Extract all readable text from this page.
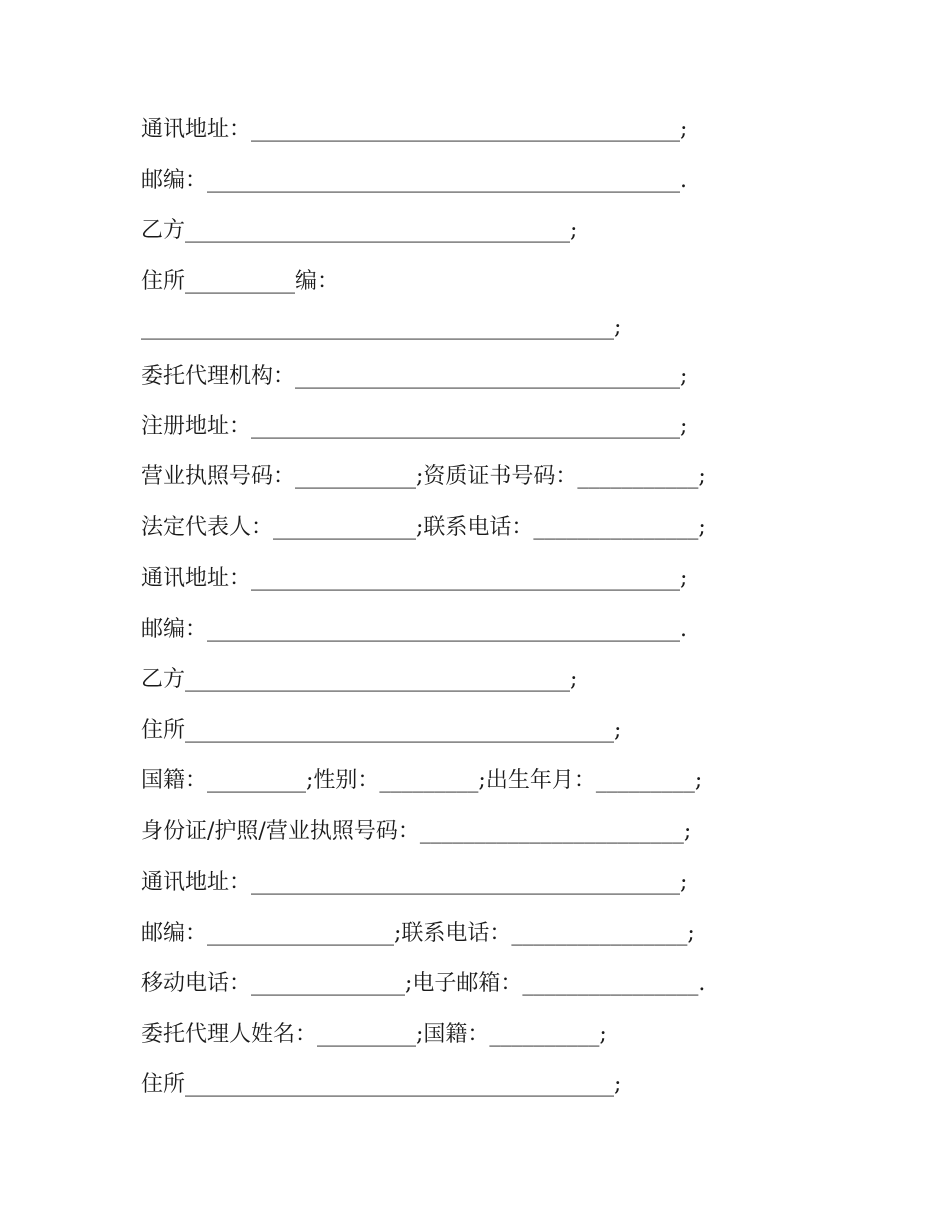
通讯地址：_______________________________________;

邮编：___________________________________________.

乙方___________________________________;

住所__________编：

___________________________________________;

委托代理机构：___________________________________;

注册地址：_______________________________________;

营业执照号码：___________;资质证书号码：___________;

法定代表人：_____________;联系电话：_______________;

通讯地址：_______________________________________;

邮编：___________________________________________.

乙方___________________________________;

住所_______________________________________;

国籍：_________;性别：_________;出生年月：_________;

身份证/护照/营业执照号码：________________________;

通讯地址：_______________________________________;

邮编：_________________;联系电话：________________;

移动电话：______________;电子邮箱：________________.

委托代理人姓名：_________;国籍：__________;

住所_______________________________________;
